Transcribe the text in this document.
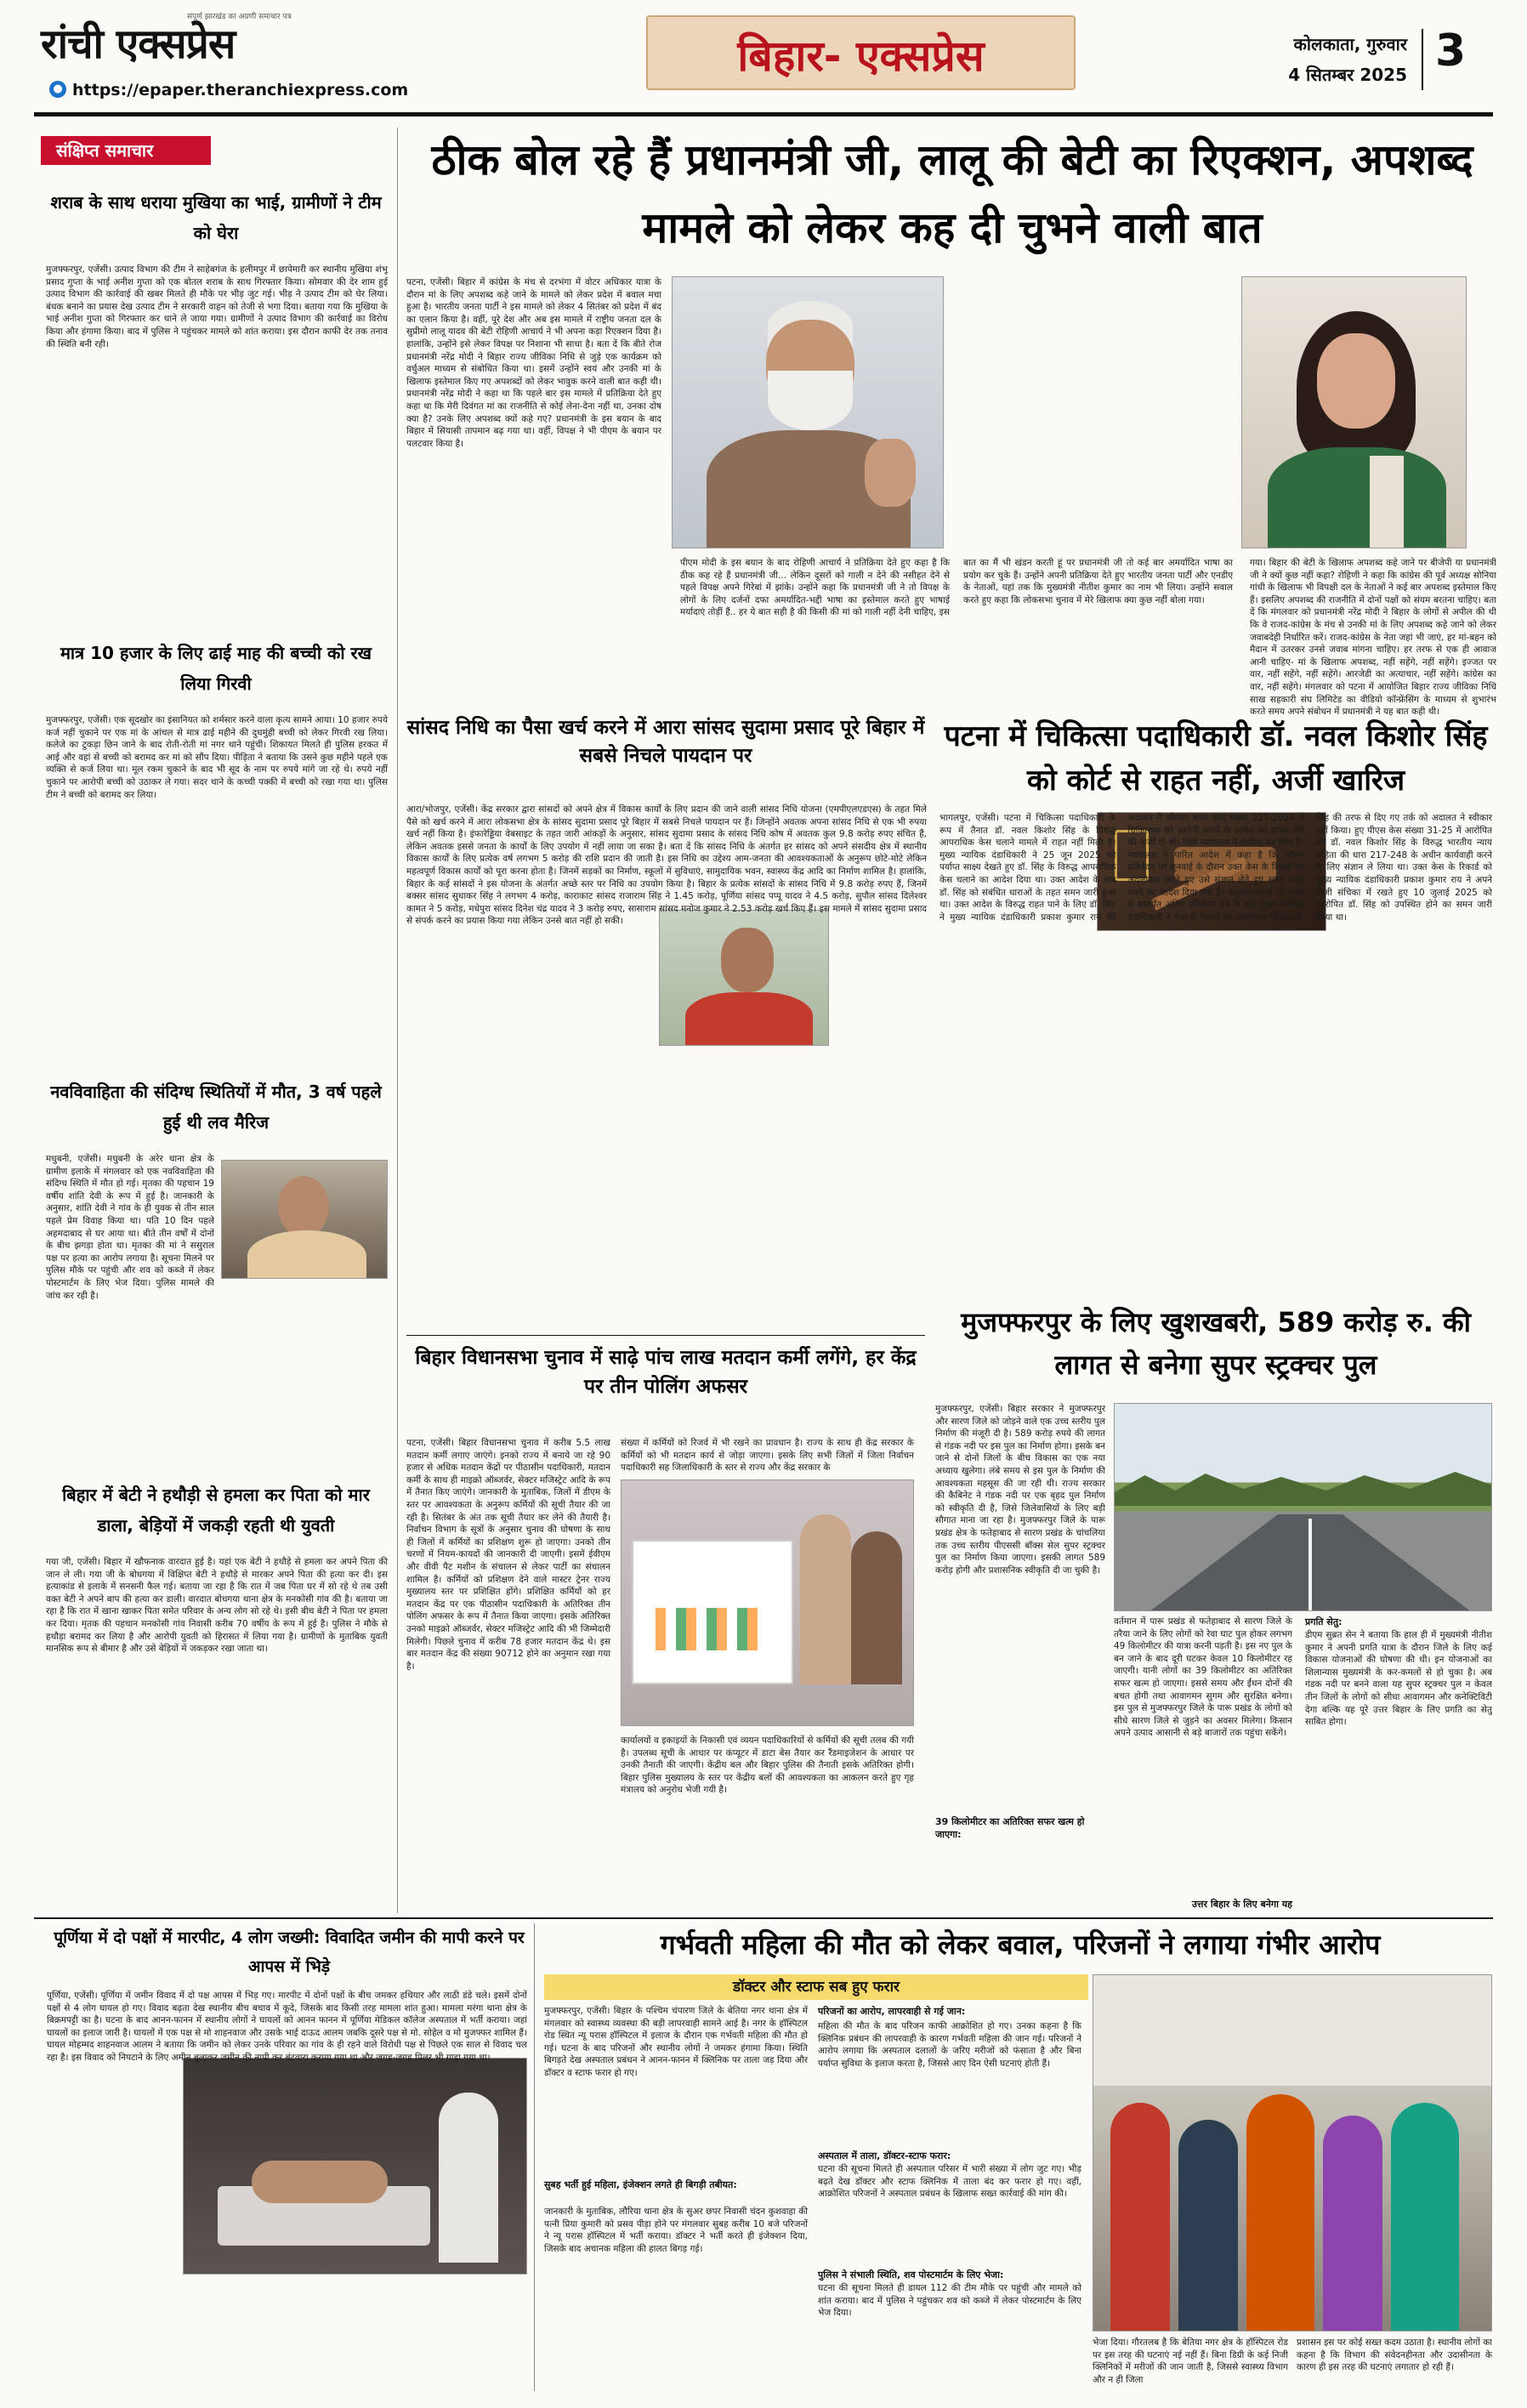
रांची एक्सप्रेस
संपूर्ण झारखंड का अग्रणी समाचार पत्र
● https://epaper.theranchiexpress.com
बिहार- एक्सप्रेस	कोलकाता, गुरुवार
4 सितम्बर 2025 3
संक्षिप्त समाचार
शराब के साथ धराया मुखिया का भाई, ग्रामीणों ने टीम को घेरा
मुजफ्फरपुर, एजेंसी। उत्पाद विभाग की टीम ने साहेबगंज के हलीमपुर में छापेमारी कर स्थानीय मुखिया शंभू प्रसाद गुप्ता के भाई अनीश गुप्ता को एक बोतल शराब के साथ गिरफ्तार किया। सोमवार की देर शाम हुई उत्पाद विभाग की कार्रवाई की खबर मिलते ही मौके पर भीड़ जुट गई। भीड़ ने उत्पाद टीम को घेर लिया। बंधक बनाने का प्रयास देख उत्पाद टीम ने सरकारी वाहन को तेजी से भगा दिया। बताया गया कि मुखिया के भाई अनीश गुप्ता को गिरफ्तार कर थाने ले जाया गया। ग्रामीणों ने उत्पाद विभाग की कार्रवाई का विरोध किया और हंगामा किया। बाद में पुलिस ने पहुंचकर मामले को शांत कराया। इस दौरान काफी देर तक तनाव की स्थिति बनी रही।
मात्र 10 हजार के लिए ढाई माह की बच्ची को रख लिया गिरवी
मुजफ्फरपुर, एजेंसी। एक सूदखोर का इंसानियत को शर्मसार करने वाला कृत्य सामने आया। 10 हजार रुपये कर्ज नहीं चुकाने पर एक मां के आंचल से मात्र ढाई महीने की दुधमुंही बच्ची को लेकर गिरवी रख लिया। कलेजे का टुकड़ा छिन जाने के बाद रोती-रोती मां नगर थाने पहुंची। शिकायत मिलते ही पुलिस हरकत में आई और वहां से बच्ची को बरामद कर मां को सौंप दिया। पीड़िता ने बताया कि उसने कुछ महीने पहले एक व्यक्ति से कर्ज लिया था। मूल रकम चुकाने के बाद भी सूद के नाम पर रुपये मांगे जा रहे थे। रुपये नहीं चुकाने पर आरोपी बच्ची को उठाकर ले गया। सदर थाने के कच्ची पक्की में बच्ची को रखा गया था। पुलिस टीम ने बच्ची को बरामद कर लिया।
नवविवाहिता की संदिग्ध स्थितियों में मौत, 3 वर्ष पहले हुई थी लव मैरिज
मधुबनी, एजेंसी। मधुबनी के अरेर थाना क्षेत्र के ग्रामीण इलाके में मंगलवार को एक नवविवाहिता की संदिग्ध स्थिति में मौत हो गई। मृतका की पहचान 19 वर्षीय शांति देवी के रूप में हुई है। जानकारी के अनुसार, शांति देवी ने गांव के ही युवक से तीन साल पहले प्रेम विवाह किया था। पति 10 दिन पहले अहमदाबाद से घर आया था। बीते तीन वर्षों में दोनों के बीच झगड़ा होता था। मृतका की मां ने ससुराल पक्ष पर हत्या का आरोप लगाया है। सूचना मिलने पर पुलिस मौके पर पहुंची और शव को कब्जे में लेकर पोस्टमार्टम के लिए भेज दिया। पुलिस मामले की जांच कर रही है।
बिहार में बेटी ने हथौड़ी से हमला कर पिता को मार डाला, बेड़ियों में जकड़ी रहती थी युवती
गया जी, एजेंसी। बिहार में खौफनाक वारदात हुई है। यहां एक बेटी ने हथौड़े से हमला कर अपने पिता की जान ले ली। गया जी के बोधगया में विक्षिप्त बेटी ने हथौड़े से मारकर अपने पिता की हत्या कर दी। इस हत्याकांड से इलाके में सनसनी फैल गई। बताया जा रहा है कि रात में जब पिता घर में सो रहे थे तब उसी वक्त बेटी ने अपने बाप की हत्या कर डाली। वारदात बोधगया थाना क्षेत्र के मनकोसी गांव की है। बताया जा रहा है कि रात में खाना खाकर पिता समेत परिवार के अन्य लोग सो रहे थे। इसी बीच बेटी ने पिता पर हमला कर दिया। मृतक की पहचान मनकोसी गांव निवासी करीब 70 वर्षीय के रूप में हुई है। पुलिस ने मौके से हथौड़ा बरामद कर लिया है और आरोपी युवती को हिरासत में लिया गया है। ग्रामीणों के मुताबिक युवती मानसिक रूप से बीमार है और उसे बेड़ियों में जकड़कर रखा जाता था।
ठीक बोल रहे हैं प्रधानमंत्री जी, लालू की बेटी का रिएक्शन, अपशब्द मामले को लेकर कह दी चुभने वाली बात
पटना, एजेंसी। बिहार में कांग्रेस के मंच से दरभंगा में वोटर अधिकार यात्रा के दौरान मां के लिए अपशब्द कहे जाने के मामले को लेकर प्रदेश में बवाल मचा हुआ है। भारतीय जनता पार्टी ने इस मामले को लेकर 4 सितंबर को प्रदेश में बंद का एलान किया है। वहीं, पूरे देश और अब इस मामले में राष्ट्रीय जनता दल के सुप्रीमो लालू यादव की बेटी रोहिणी आचार्य ने भी अपना कड़ा रिएक्शन दिया है। हालांकि, उन्होंने इसे लेकर विपक्ष पर निशाना भी साधा है। बता दें कि बीते रोज प्रधानमंत्री नरेंद्र मोदी ने बिहार राज्य जीविका निधि से जुड़े एक कार्यक्रम को वर्चुअल माध्यम से संबोधित किया था। इसमें उन्होंने स्वयं और उनकी मां के खिलाफ इस्तेमाल किए गए अपशब्दों को लेकर भावुक करने वाली बात कही थी। प्रधानमंत्री नरेंद्र मोदी ने कहा था कि पहले बार इस मामले में प्रतिक्रिया देते हुए कहा था कि मेरी दिवंगत मां का राजनीति से कोई लेना-देना नहीं था, उनका दोष क्या है? उनके लिए अपशब्द क्यों कहे गए? प्रधानमंत्री के इस बयान के बाद बिहार में सियासी तापमान बढ़ गया था। वहीं, विपक्ष ने भी पीएम के बयान पर पलटवार किया है।
पीएम मोदी के इस बयान के बाद रोहिणी आचार्य ने प्रतिक्रिया देते हुए कहा है कि ठीक कह रहे हैं प्रधानमंत्री जी... लेकिन दूसरों को गाली न देने की नसीहत देने से पहले विपक्ष अपने गिरेबां में झांके। उन्होंने कहा कि प्रधानमंत्री जी ने तो विपक्ष के लोगों के लिए दर्जनों दफा अमर्यादित-भद्दी भाषा का इस्तेमाल करते हुए भाषाई मर्यादाएं तोड़ीं हैं.. हर ये बात सही है की किसी की मां को गाली नहीं देनी चाहिए, इस बात का मैं भी खंडन करती हूं पर प्रधानमंत्री जी तो कई बार अमर्यादित भाषा का प्रयोग कर चुके हैं। उन्होंने अपनी प्रतिक्रिया देते हुए भारतीय जनता पार्टी और एनडीए के नेताओं, यहां तक कि मुख्यमंत्री नीतीश कुमार का नाम भी लिया। उन्होंने सवाल करते हुए कहा कि लोकसभा चुनाव में मेरे खिलाफ क्या कुछ नहीं बोला गया।
गया। बिहार की बेटी के खिलाफ अपशब्द कहे जाने पर बीजेपी या प्रधानमंत्री जी ने क्यों कुछ नहीं कहा? रोहिणी ने कहा कि कांग्रेस की पूर्व अध्यक्ष सोनिया गांधी के खिलाफ भी विपक्षी दल के नेताओं ने कई बार अपशब्द इस्तेमाल किए हैं। इसलिए अपशब्द की राजनीति में दोनों पक्षों को संयम बरतना चाहिए। बता दें कि मंगलवार को प्रधानमंत्री नरेंद्र मोदी ने बिहार के लोगों से अपील की थी कि वे राजद-कांग्रेस के मंच से उनकी मां के लिए अपशब्द कहे जाने को लेकर जवाबदेही निर्धारित करें। राजद-कांग्रेस के नेता जहां भी जाएं, हर मां-बहन को मैदान में उतरकर उनसे जवाब मांगना चाहिए। हर तरफ से एक ही आवाज आनी चाहिए- मां के खिलाफ अपशब्द, नहीं सहेंगे, नहीं सहेंगे। इज्जत पर वार, नहीं सहेंगे, नहीं सहेंगे। आरजेडी का अत्याचार, नहीं सहेंगे। कांग्रेस का वार, नहीं सहेंगे। मंगलवार को पटना में आयोजित बिहार राज्य जीविका निधि साख सहकारी संघ लिमिटेड का वीडियो कॉन्फ्रेंसिंग के माध्यम से शुभारंभ करते समय अपने संबोधन में प्रधानमंत्री ने यह बात कही थी।
सांसद निधि का पैसा खर्च करने में आरा सांसद सुदामा प्रसाद पूरे बिहार में सबसे निचले पायदान पर
आरा/भोजपुर, एजेंसी। केंद्र सरकार द्वारा सांसदों को अपने क्षेत्र में विकास कार्यों के लिए प्रदान की जाने वाली सांसद निधि योजना (एमपीएलएडएस) के तहत मिले पैसे को खर्च करने में आरा लोकसभा क्षेत्र के सांसद सुदामा प्रसाद पूरे बिहार में सबसे निचले पायदान पर हैं। जिन्होंने अवतक अपना सांसद निधि से एक भी रुपया खर्च नहीं किया है। इंफारेड्डिया वेबसाइट के तहत जारी आंकड़ों के अनुसार, सांसद सुदामा प्रसाद के सांसद निधि कोष में अवतक कुल 9.8 करोड़ रुपए संचित हैं, लेकिन अवतक इससे जनता के कार्यों के लिए उपयोग में नहीं लाया जा सका है। बता दें कि सांसद निधि के अंतर्गत हर सांसद को अपने संसदीय क्षेत्र में स्थानीय विकास कार्यों के लिए प्रत्येक वर्ष लगभग 5 करोड़ की राशि प्रदान की जाती है। इस निधि का उद्देश्य आम-जनता की आवश्यकताओं के अनुरूप छोटे-मोटे लेकिन महत्वपूर्ण विकास कार्यों को पूरा करना होता है। जिनमें सड़कों का निर्माण, स्कूलों में सुविधाएं, सामुदायिक भवन, स्वास्थ्य केंद्र आदि का निर्माण शामिल है। हालांकि, बिहार के कई सांसदों ने इस योजना के अंतर्गत अच्छे स्तर पर निधि का उपयोग किया है। बिहार के प्रत्येक सांसदों के सांसद निधि में 9.8 करोड़ रुपए हैं, जिनमें बक्सर सांसद सुधाकर सिंह ने लगभग 4 करोड़, काराकाट सांसद राजाराम सिंह ने 1.45 करोड़, पूर्णिया सांसद पप्पू यादव ने 4.5 करोड़, सुपौल सांसद दिलेश्वर कामत ने 5 करोड़, मधेपुरा सांसद दिनेश चंद्र यादव ने 3 करोड़ रुपए, सासाराम सांसद मनोज कुमार ने 2.53 करोड़ खर्च किए हैं। इस मामले में सांसद सुदामा प्रसाद से संपर्क करने का प्रयास किया गया लेकिन उनसे बात नहीं हो सकी।
पटना में चिकित्सा पदाधिकारी डॉ. नवल किशोर सिंह को कोर्ट से राहत नहीं, अर्जी खारिज
भागलपुर, एजेंसी। पटना में चिकित्सा पदाधिकारी के रूप में तैनात डॉ. नवल किशोर सिंह के विरुद्ध आपराधिक केस चलाने मामले में राहत नहीं मिली है। मुख्य न्यायिक दंडाधिकारी ने 25 जून 2025 को पर्याप्त साक्ष्य देखते हुए डॉ. सिंह के विरुद्ध आपराधिक केस चलाने का आदेश दिया था। उक्त आदेश के बाद डॉ. सिंह को संबंधित धाराओं के तहत समन जारी हुआ था। उक्त आदेश के विरुद्ध राहत पाने के लिए डॉ. सिंह ने मुख्य न्यायिक दंडाधिकारी प्रकाश कुमार राय की अदालत में जोगसर थाना कांड संख्या 227-2024 में चिकित्सक को आरोपी बनाने के आदेश को वापस लेने की अर्जी दी थी। जिसे न्यायालय ने खारिज कर दिया है। न्यायालय ने पारित आदेश में कहा है कि अंतिम प्रतिवेदन पर सुनवाई के दौरान उक्त केस के रिकार्ड का अवलोकन करते हुए उसे संज्ञान लेते हुए समन जारी करने का आदेश दिया गया है। अनुसंधानकर्ता की तरफ से समर्पित अंतिम प्रतिवेदन देने के बाद मुख्य न्यायिक दंडाधिकारी ने केस के रिकार्ड का अवलोकन किया। डॉ. सिंह की तरफ से दिए गए तर्क को अदालत ने स्वीकार नहीं किया। हुए पीएस केस संख्या 31-25 में आरोपित बने डॉ. नवल किशोर सिंह के विरुद्ध भारतीय न्याय संहिता की धारा 217-248 के अधीन कार्यवाही करने के लिए संज्ञान ले लिया था। उक्त केस के रिकार्ड को मुख्य न्यायिक दंडाधिकारी प्रकाश कुमार राय ने अपने निजी संचिका में रखते हुए 10 जुलाई 2025 को आरोपित डॉ. सिंह को उपस्थित होने का समन जारी किया था।
बिहार विधानसभा चुनाव में साढ़े पांच लाख मतदान कर्मी लगेंगे, हर केंद्र पर तीन पोलिंग अफसर
पटना, एजेंसी। बिहार विधानसभा चुनाव में करीब 5.5 लाख मतदान कर्मी लगाए जाएंगे। इनको राज्य में बनाये जा रहे 90 हजार से अधिक मतदान केंद्रों पर पीठासीन पदाधिकारी, मतदान कर्मी के साथ ही माइक्रो ऑब्जर्वर, सेक्टर मजिस्ट्रेट आदि के रूप में तैनात किए जाएंगे। जानकारी के मुताबिक, जिलों में डीएम के स्तर पर आवश्यकता के अनुरूप कर्मियों की सूची तैयार की जा रही है। सितंबर के अंत तक सूची तैयार कर लेने की तैयारी है। निर्वाचन विभाग के सूत्रों के अनुसार चुनाव की घोषणा के साथ ही जिलों में कर्मियों का प्रशिक्षण शुरू हो जाएगा। उनको तीन चरणों में नियम-कायदों की जानकारी दी जाएगी। इसमें ईवीएम और वीवी पैट मशीन के संचालन से लेकर पार्टी का संचालन शामिल है। कर्मियों को प्रशिक्षण देने वाले मास्टर ट्रेनर राज्य मुख्यालय स्तर पर प्रशिक्षित होंगे। प्रशिक्षित कर्मियों को हर मतदान केंद्र पर एक पीठासीन पदाधिकारी के अतिरिक्त तीन पोलिंग अफसर के रूप में तैनात किया जाएगा। इसके अतिरिक्त उनको माइक्रो ऑब्जर्वर, सेक्टर मजिस्ट्रेट आदि की भी जिम्मेदारी मिलेगी। पिछले चुनाव में करीब 78 हजार मतदान केंद्र थे। इस बार मतदान केंद्र की संख्या 90712 होने का अनुमान रखा गया है।
संख्या में कर्मियों को रिजर्व में भी रखने का प्रावधान है। राज्य के साथ ही केंद्र सरकार के कर्मियों को भी मतदान कार्य से जोड़ा जाएगा। इसके लिए सभी जिलों में जिला निर्वाचन पदाधिकारी सह जिलाधिकारी के स्तर से राज्य और केंद्र सरकार के
कार्यालयों व इकाइयों के निकासी एवं व्ययन पदाधिकारियों से कर्मियों की सूची तलब की गयी है। उपलब्ध सूची के आधार पर कंप्यूटर में डाटा बेस तैयार कर रैंडमाइजेशन के आधार पर उनकी तैनाती की जाएगी। केंद्रीय बल और बिहार पुलिस की तैनाती इसके अतिरिक्त होगी। बिहार पुलिस मुख्यालय के स्तर पर केंद्रीय बलों की आवश्यकता का आकलन करते हुए गृह मंत्रालय को अनुरोध भेजी गयी है।
मुजफ्फरपुर के लिए खुशखबरी, 589 करोड़ रु. की लागत से बनेगा सुपर स्ट्रक्चर पुल
मुजफ्फरपुर, एजेंसी। बिहार सरकार ने मुजफ्फरपुर और सारण जिले को जोड़ने वाले एक उच्च स्तरीय पुल निर्माण की मंजूरी दी है। 589 करोड़ रुपये की लागत से गंडक नदी पर इस पुल का निर्माण होगा। इसके बन जाने से दोनों जिलों के बीच विकास का एक नया अध्याय खुलेगा। लंबे समय से इस पुल के निर्माण की आवश्यकता महसूस की जा रही थी। राज्य सरकार की कैबिनेट ने गंडक नदी पर एक बृहद पुल निर्माण को स्वीकृति दी है, जिसे जिलेवासियों के लिए बड़ी सौगात माना जा रहा है। मुजफ्फरपुर जिले के पारू प्रखंड क्षेत्र के फतेहाबाद से सारण प्रखंड के चांचलिया तक उच्च स्तरीय पीएससी बॉक्स सेल सुपर स्ट्रक्चर पुल का निर्माण किया जाएगा। इसकी लागत 589 करोड़ होगी और प्रशासनिक स्वीकृति दी जा चुकी है।
39 किलोमीटर का अतिरिक्त सफर खत्म हो जाएगा:
वर्तमान में पारू प्रखंड से फतेहाबाद से सारण जिले के तरैया जाने के लिए लोगों को रेवा घाट पुल होकर लगभग 49 किलोमीटर की यात्रा करनी पड़ती है। इस नए पुल के बन जाने के बाद दूरी घटकर केवल 10 किलोमीटर रह जाएगी। यानी लोगों का 39 किलोमीटर का अतिरिक्त सफर खत्म हो जाएगा। इससे समय और ईंधन दोनों की बचत होगी तथा आवागमन सुगम और सुरक्षित बनेगा। इस पुल से मुजफ्फरपुर जिले के पारू प्रखंड के लोगों को सीधे सारण जिले से जुड़ने का अवसर मिलेगा। किसान अपने उत्पाद आसानी से बड़े बाजारों तक पहुंचा सकेंगे।
उत्तर बिहार के लिए बनेगा यह
प्रगति सेतु:
डीएम सुब्रत सेन ने बताया कि हाल ही में मुख्यमंत्री नीतीश कुमार ने अपनी प्रगति यात्रा के दौरान जिले के लिए कई विकास योजनाओं की घोषणा की थी। इन योजनाओं का शिलान्यास मुख्यमंत्री के कर-कमलों से हो चुका है। अब गंडक नदी पर बनने वाला यह सुपर स्ट्रक्चर पुल न केवल तीन जिलों के लोगों को सीधा आवागमन और कनेक्टिविटी देगा बल्कि यह पूरे उत्तर बिहार के लिए प्रगति का सेतु साबित होगा।
पूर्णिया में दो पक्षों में मारपीट, 4 लोग जख्मी: विवादित जमीन की मापी करने पर आपस में भिड़े
पूर्णिया, एजेंसी। पूर्णिया में जमीन विवाद में दो पक्ष आपस में भिड़ गए। मारपीट में दोनों पक्षों के बीच जमकर हथियार और लाठी डंडे चले। इसमें दोनों पक्षों से 4 लोग घायल हो गए। विवाद बढ़ता देख स्थानीय बीच बचाव में कूदे, जिसके बाद किसी तरह मामला शांत हुआ। मामला मरंगा थाना क्षेत्र के बिक्रमपट्टी का है। घटना के बाद आनन-फानन में स्थानीय लोगों ने घायलों को आनन फानन में पूर्णिया मेडिकल कॉलेज अस्पताल में भर्ती कराया। जहां घायलों का इलाज जारी है। घायलों में एक पक्ष से मो शाहनवाज और उसके भाई दाऊद आलम जबकि दूसरे पक्ष से मो. सोहेल व मो मुजफ्फर शामिल हैं। घायल मोहम्मद शाहनवाज आलम ने बताया कि जमीन को लेकर उनके परिवार का गांव के ही रहने वाले विरोधी पक्ष से पिछले एक साल से विवाद चल रहा है। इस विवाद को निपटाने के लिए अमीन बुलाकर जमीन की नापी कर बंटवारा कराया गया था और जगह-जगह पिलर भी गाड़ा गया था।
गर्भवती महिला की मौत को लेकर बवाल, परिजनों ने लगाया गंभीर आरोप
डॉक्टर और स्टाफ सब हुए फरार
मुजफ्फरपुर, एजेंसी। बिहार के पश्चिम चंपारण जिले के बेतिया नगर थाना क्षेत्र में मंगलवार को स्वास्थ्य व्यवस्था की बड़ी लापरवाही सामने आई है। नगर के हॉस्पिटल रोड स्थित न्यू परास हॉस्पिटल में इलाज के दौरान एक गर्भवती महिला की मौत हो गई। घटना के बाद परिजनों और स्थानीय लोगों ने जमकर हंगामा किया। स्थिति बिगड़ते देख अस्पताल प्रबंधन ने आनन-फानन में क्लिनिक पर ताला जड़ दिया और डॉक्टर व स्टाफ फरार हो गए।
सुबह भर्ती हुई महिला, इंजेक्शन लगते ही बिगड़ी तबीयत:
जानकारी के मुताबिक, लौरिया थाना क्षेत्र के सुअर छपर निवासी चंदन कुशवाहा की पत्नी प्रिया कुमारी को प्रसव पीड़ा होने पर मंगलवार सुबह करीब 10 बजे परिजनों ने न्यू परास हॉस्पिटल में भर्ती कराया। डॉक्टर ने भर्ती करते ही इंजेक्शन दिया, जिसके बाद अचानक महिला की हालत बिगड़ गई।
परिजनों का आरोप, लापरवाही से गई जान:
महिला की मौत के बाद परिजन काफी आक्रोशित हो गए। उनका कहना है कि क्लिनिक प्रबंधन की लापरवाही के कारण गर्भवती महिला की जान गई। परिजनों ने आरोप लगाया कि अस्पताल दलालों के जरिए मरीजों को फंसाता है और बिना पर्याप्त सुविधा के इलाज करता है, जिससे आए दिन ऐसी घटनाएं होती हैं।
अस्पताल में ताला, डॉक्टर-स्टाफ फरार:
घटना की सूचना मिलते ही अस्पताल परिसर में भारी संख्या में लोग जुट गए। भीड़ बढ़ते देख डॉक्टर और स्टाफ क्लिनिक में ताला बंद कर फरार हो गए। वहीं, आक्रोशित परिजनों ने अस्पताल प्रबंधन के खिलाफ सख्त कार्रवाई की मांग की।
पुलिस ने संभाली स्थिति, शव पोस्टमार्टम के लिए भेजा:
घटना की सूचना मिलते ही डायल 112 की टीम मौके पर पहुंची और मामले को शांत कराया। बाद में पुलिस ने पहुंचकर शव को कब्जे में लेकर पोस्टमार्टम के लिए भेज दिया।
भेजा दिया। गौरतलब है कि बेतिया नगर क्षेत्र के हॉस्पिटल रोड पर इस तरह की घटनाएं नई नहीं हैं। बिना डिग्री के कई निजी क्लिनिकों में मरीजों की जान जाती है, जिससे स्वास्थ्य विभाग और न ही जिला
प्रशासन इस पर कोई सख्त कदम उठाता है। स्थानीय लोगों का कहना है कि विभाग की संवेदनहीनता और उदासीनता के कारण ही इस तरह की घटनाएं लगातार हो रही हैं।
